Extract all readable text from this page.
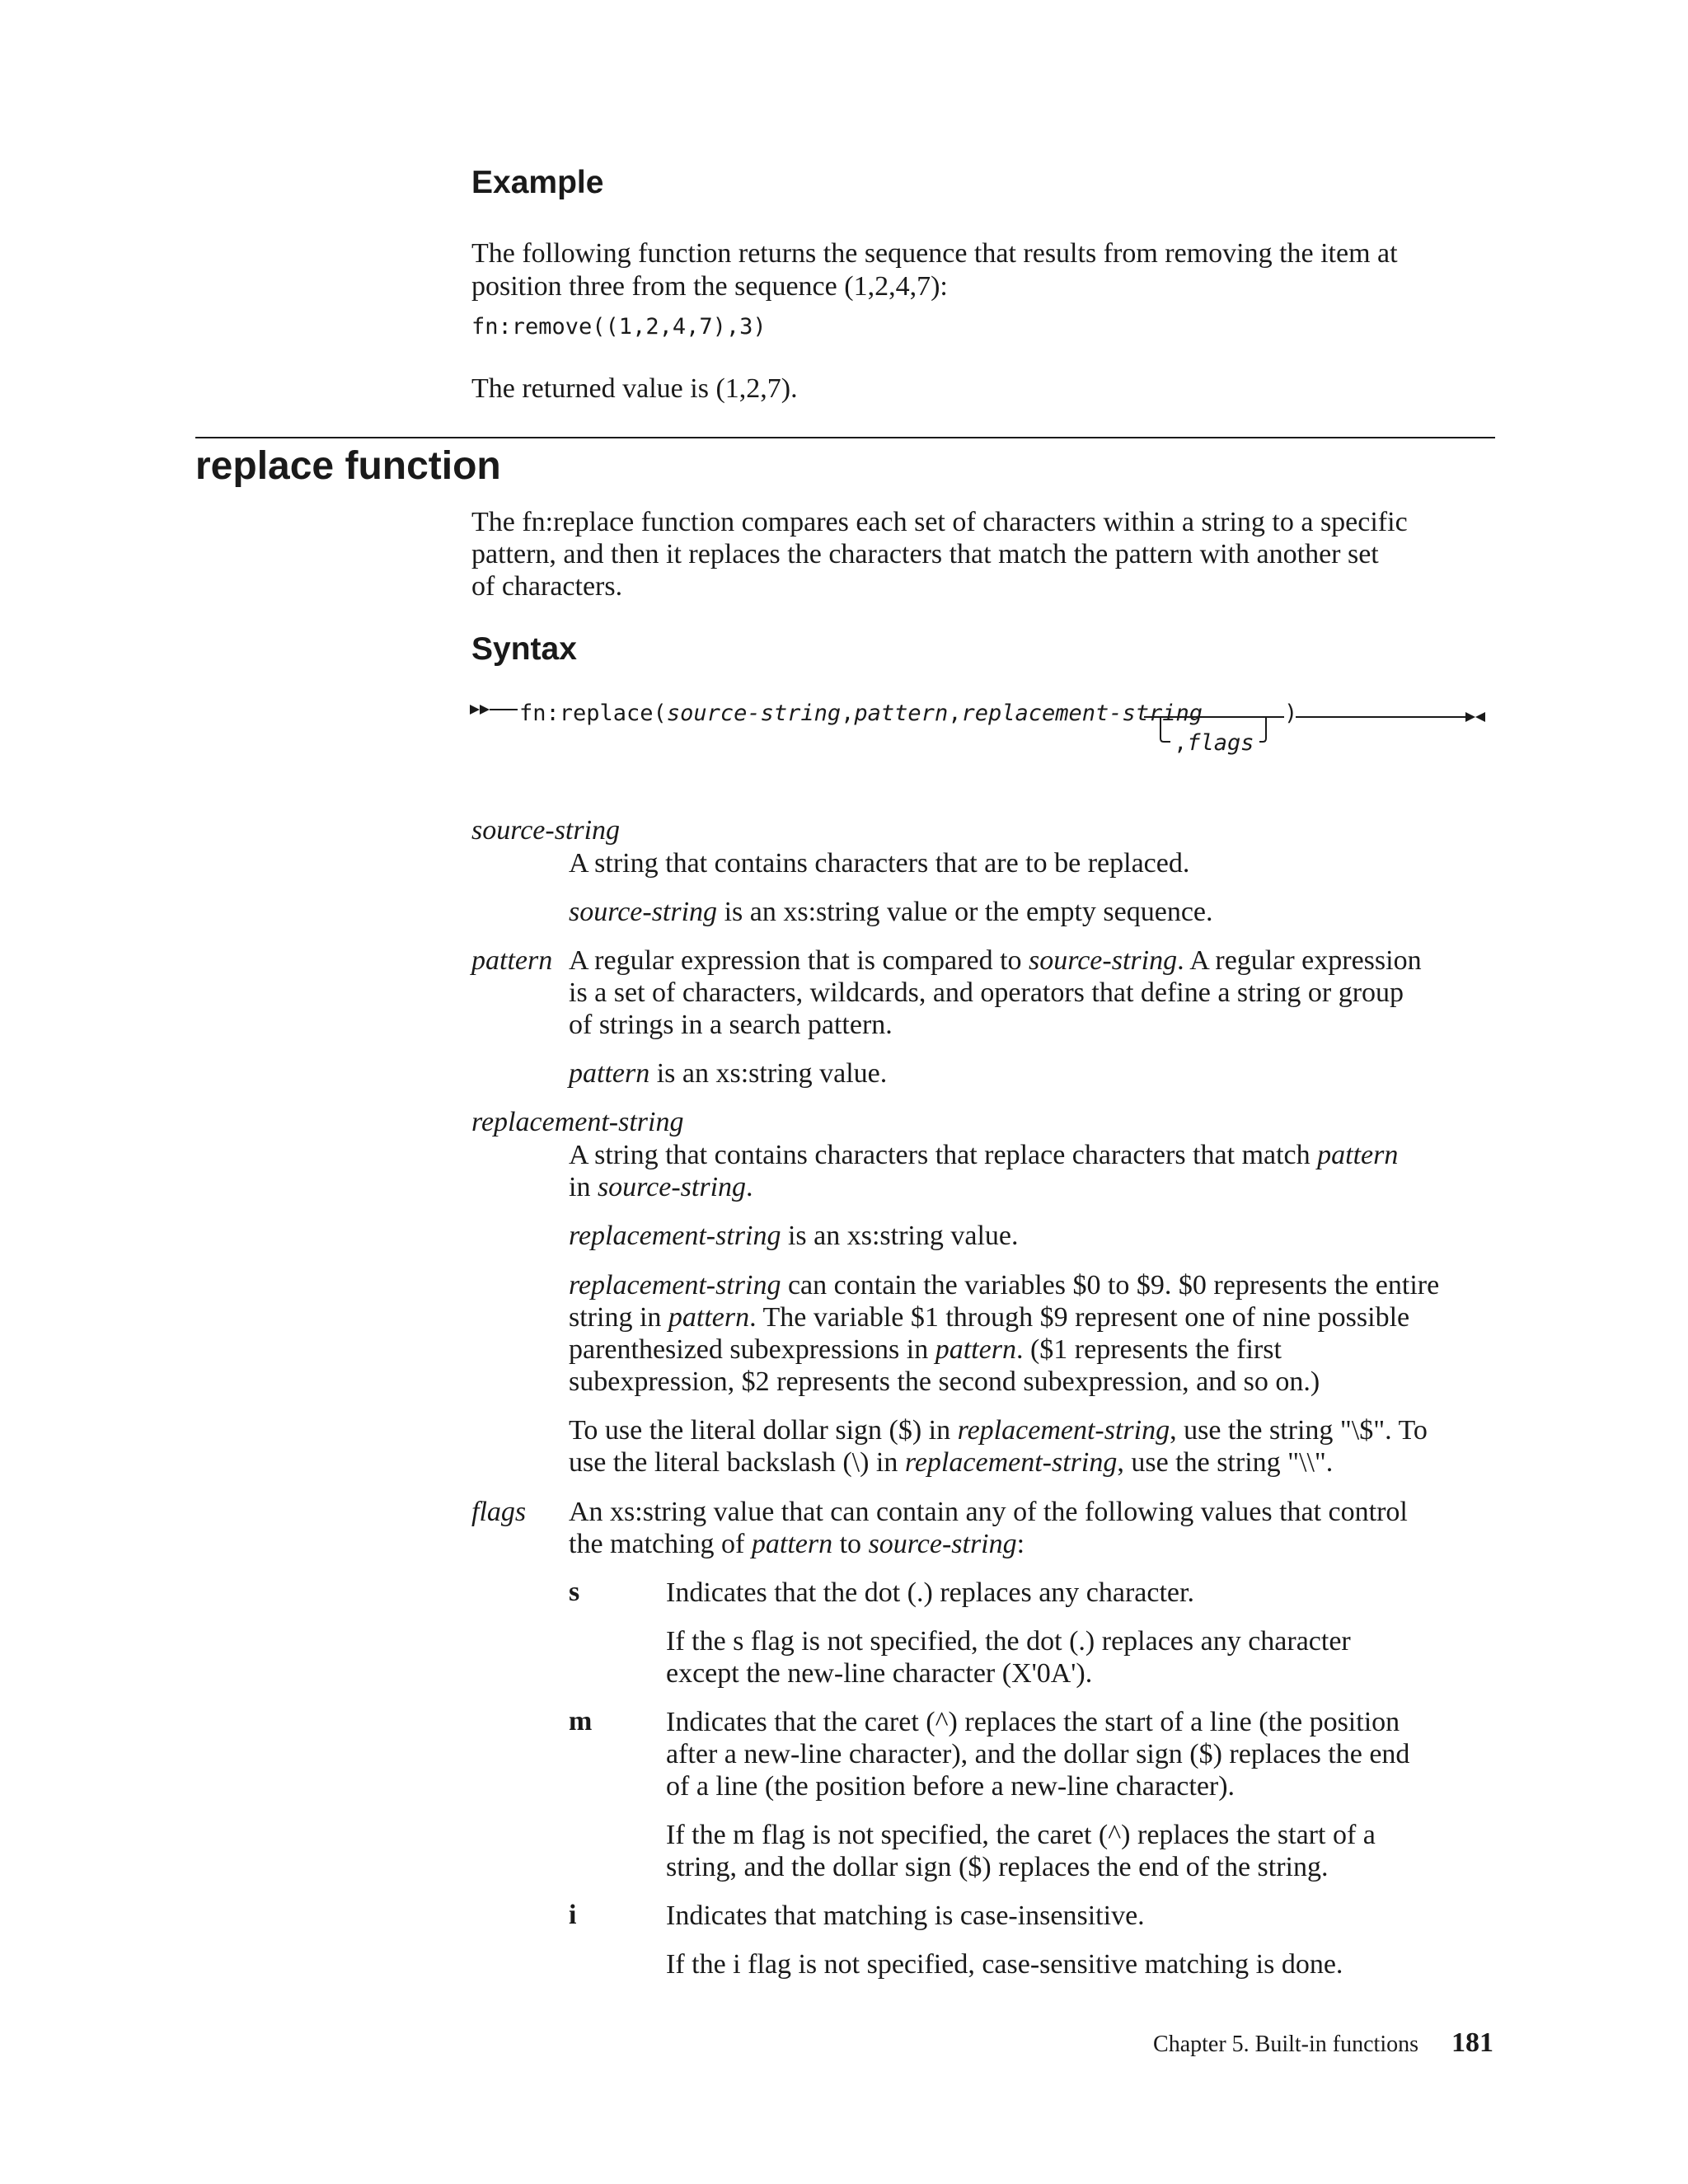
Example
The following function returns the sequence that results from removing the item at
position three from the sequence (1,2,4,7):
fn:remove((1,2,4,7),3)
The returned value is (1,2,7).
replace function
The fn:replace function compares each set of characters within a string to a specific
pattern, and then it replaces the characters that match the pattern with another set
of characters.
Syntax
fn:replace(source-string,pattern,replacement-string	)
,flags
source-string
A string that contains characters that are to be replaced.
source-string is an xs:string value or the empty sequence.
pattern A regular expression that is compared to source-string. A regular expression
is a set of characters, wildcards, and operators that define a string or group
of strings in a search pattern.
pattern is an xs:string value.
replacement-string
A string that contains characters that replace characters that match pattern
in source-string.
replacement-string is an xs:string value.
replacement-string can contain the variables $0 to $9. $0 represents the entire
string in pattern. The variable $1 through $9 represent one of nine possible
parenthesized subexpressions in pattern. ($1 represents the first
subexpression, $2 represents the second subexpression, and so on.)
To use the literal dollar sign ($) in replacement-string, use the string "\$". To
use the literal backslash (\) in replacement-string, use the string "\\".
flags An xs:string value that can contain any of the following values that control
the matching of pattern to source-string:
s	Indicates that the dot (.) replaces any character.
If the s flag is not specified, the dot (.) replaces any character
except the new-line character (X'0A').
m	Indicates that the caret (^) replaces the start of a line (the position
after a new-line character), and the dollar sign ($) replaces the end
of a line (the position before a new-line character).
If the m flag is not specified, the caret (^) replaces the start of a
string, and the dollar sign ($) replaces the end of the string.
i	Indicates that matching is case-insensitive.
If the i flag is not specified, case-sensitive matching is done.
Chapter 5. Built-in functions 181
